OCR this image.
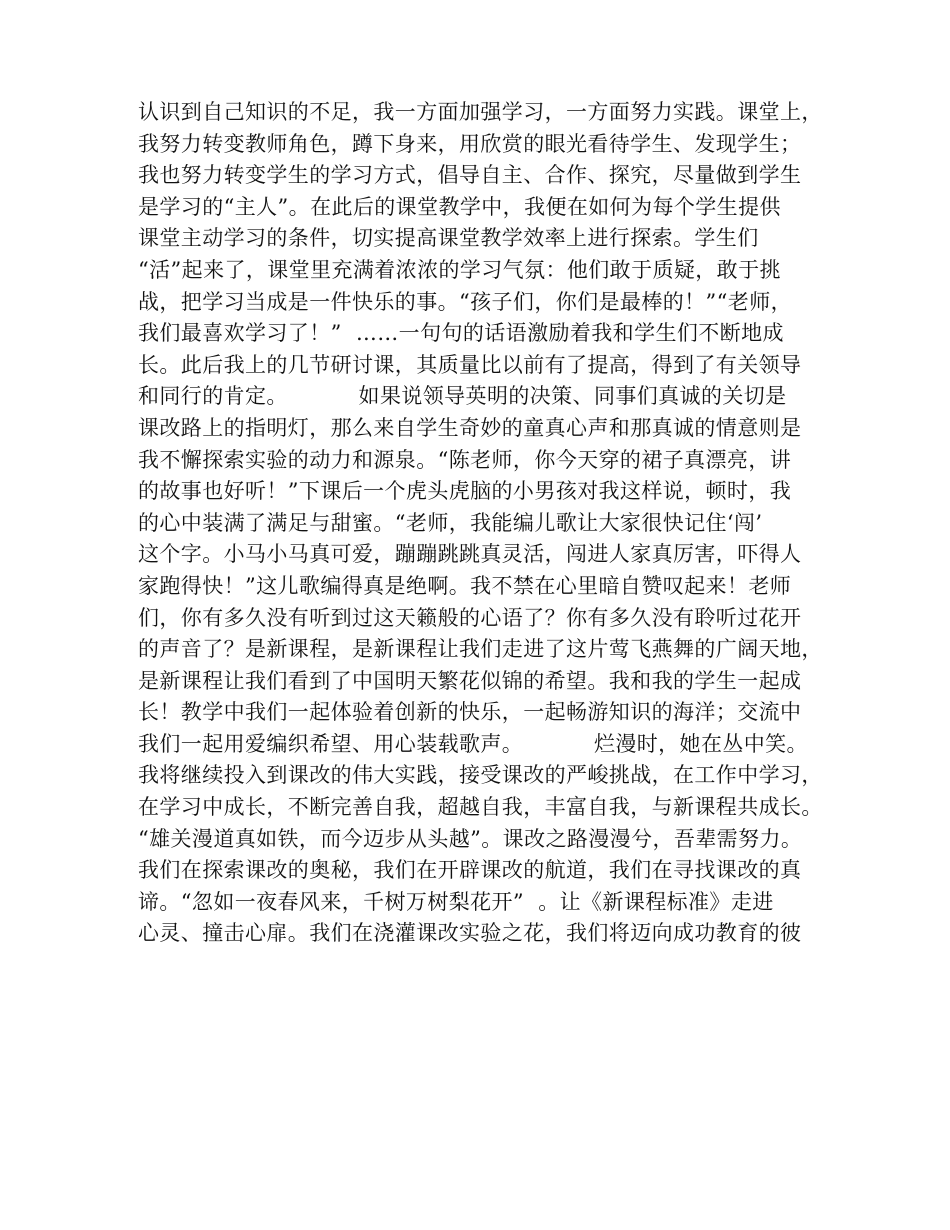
认识到自己知识的不足，我一方面加强学习，一方面努力实践。课堂上，
我努力转变教师角色，蹲下身来，用欣赏的眼光看待学生、发现学生；
我也努力转变学生的学习方式，倡导自主、合作、探究，尽量做到学生
是学习的“主人”。在此后的课堂教学中，我便在如何为每个学生提供
课堂主动学习的条件，切实提高课堂教学效率上进行探索。学生们
“活”起来了，课堂里充满着浓浓的学习气氛：他们敢于质疑，敢于挑
战，把学习当成是一件快乐的事。“孩子们，你们是最棒的！”“老师，
我们最喜欢学习了！”  ……一句句的话语激励着我和学生们不断地成
长。此后我上的几节研讨课，其质量比以前有了提高，得到了有关领导
和同行的肯定。          如果说领导英明的决策、同事们真诚的关切是
课改路上的指明灯，那么来自学生奇妙的童真心声和那真诚的情意则是
我不懈探索实验的动力和源泉。“陈老师，你今天穿的裙子真漂亮，讲
的故事也好听！”下课后一个虎头虎脑的小男孩对我这样说，顿时，我
的心中装满了满足与甜蜜。“老师，我能编儿歌让大家很快记住‘闯’
这个字。小马小马真可爱，蹦蹦跳跳真灵活，闯进人家真厉害，吓得人
家跑得快！”这儿歌编得真是绝啊。我不禁在心里暗自赞叹起来！老师
们，你有多久没有听到过这天籁般的心语了？你有多久没有聆听过花开
的声音了？是新课程，是新课程让我们走进了这片莺飞燕舞的广阔天地，
是新课程让我们看到了中国明天繁花似锦的希望。我和我的学生一起成
长！教学中我们一起体验着创新的快乐，一起畅游知识的海洋；交流中
我们一起用爱编织希望、用心装载歌声。          烂漫时，她在丛中笑。
我将继续投入到课改的伟大实践，接受课改的严峻挑战，在工作中学习，
在学习中成长，不断完善自我，超越自我，丰富自我，与新课程共成长。
“雄关漫道真如铁，而今迈步从头越”。课改之路漫漫兮，吾辈需努力。
我们在探索课改的奥秘，我们在开辟课改的航道，我们在寻找课改的真
谛。“忽如一夜春风来，千树万树梨花开”  。让《新课程标准》走进
心灵、撞击心扉。我们在浇灌课改实验之花，我们将迈向成功教育的彼
